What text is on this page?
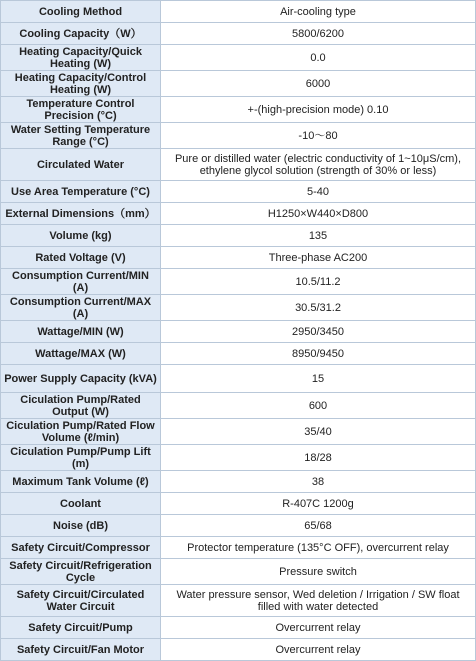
Cooling Method	Air-cooling type
Cooling Capacity（W）	5800/6200
Heating Capacity/Quick Heating (W)	0.0
Heating Capacity/Control Heating (W)	6000
Temperature Control Precision (°C)	+-(high-precision mode) 0.10
Water Setting Temperature Range (°C)	-10～80
Circulated Water	Pure or distilled water (electric conductivity of 1~10μS/cm), ethylene glycol solution (strength of 30% or less)
Use Area Temperature (°C)	5-40
External Dimensions（mm）	H1250×W440×D800
Volume (kg)	135
Rated Voltage (V)	Three-phase AC200
Consumption Current/MIN (A)	10.5/11.2
Consumption Current/MAX (A)	30.5/31.2
Wattage/MIN (W)	2950/3450
Wattage/MAX (W)	8950/9450
Power Supply Capacity (kVA)	15
Ciculation Pump/Rated Output (W)	600
Ciculation Pump/Rated Flow Volume (ℓ/min)	35/40
Ciculation Pump/Pump Lift (m)	18/28
Maximum Tank Volume (ℓ)	38
Coolant	R-407C 1200g
Noise (dB)	65/68
Safety Circuit/Compressor	Protector temperature (135°C OFF), overcurrent relay
Safety Circuit/Refrigeration Cycle	Pressure switch
Safety Circuit/Circulated Water Circuit	Water pressure sensor, Wed deletion / Irrigation / SW float filled with water detected
Safety Circuit/Pump	Overcurrent relay
Safety Circuit/Fan Motor	Overcurrent relay
